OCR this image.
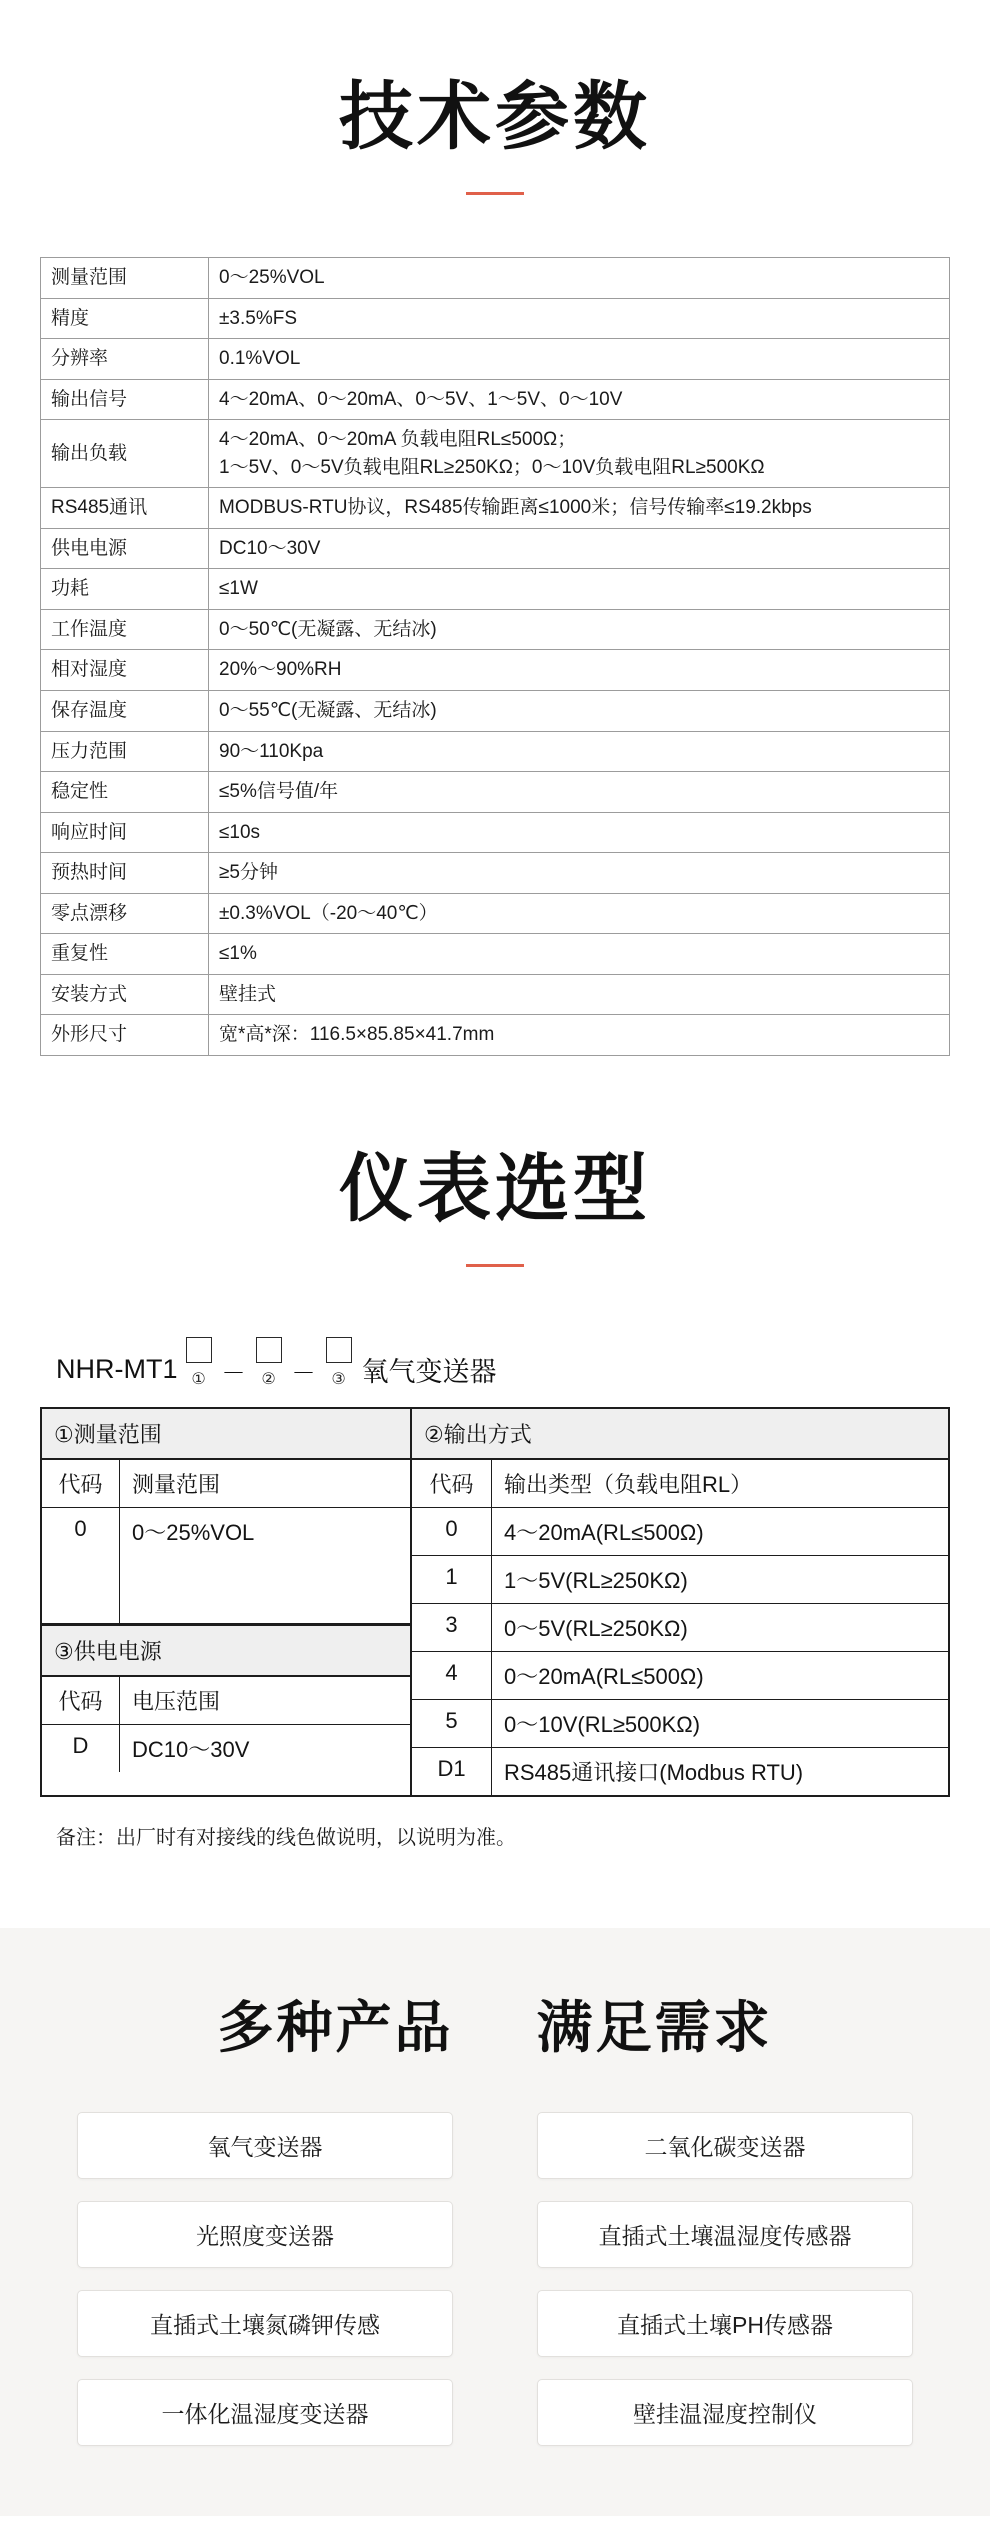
技术参数
测量范围	0～25%VOL
精度	±3.5%FS
分辨率	0.1%VOL
输出信号	4～20mA、0～20mA、0～5V、1～5V、0～10V
输出负载	4～20mA、0～20mA 负载电阻RL≤500Ω；
1～5V、0～5V负载电阻RL≥250KΩ；0～10V负载电阻RL≥500KΩ

RS485通讯	MODBUS-RTU协议，RS485传输距离≤1000米；信号传输率≤19.2kbps
供电电源	DC10～30V
功耗	≤1W
工作温度	0～50℃(无凝露、无结冰)
相对湿度	20%～90%RH
保存温度	0～55℃(无凝露、无结冰)
压力范围	90～110Kpa
稳定性	≤5%信号值/年
响应时间	≤10s
预热时间	≥5分钟
零点漂移	±0.3%VOL（-20～40℃）
重复性	≤1%
安装方式	壁挂式
外形尺寸	宽*高*深：116.5×85.85×41.7mm
仪表选型
NHR-MT1 ① － ② － ③ 氧气变送器
①测量范围
代码	测量范围
0	0～25%VOL
③供电电源
代码	电压范围
D	DC10～30V
②输出方式
代码	输出类型（负载电阻RL）
0	4～20mA(RL≤500Ω)
1	1～5V(RL≥250KΩ)
3	0～5V(RL≥250KΩ)
4	0～20mA(RL≤500Ω)
5	0～10V(RL≥500KΩ)
D1	RS485通讯接口(Modbus RTU)
备注：出厂时有对接线的线色做说明，以说明为准。
多种产品 满足需求
氧气变送器	二氧化碳变送器
光照度变送器	直插式土壤温湿度传感器
直插式土壤氮磷钾传感	直插式土壤PH传感器
一体化温湿度变送器	壁挂温湿度控制仪
